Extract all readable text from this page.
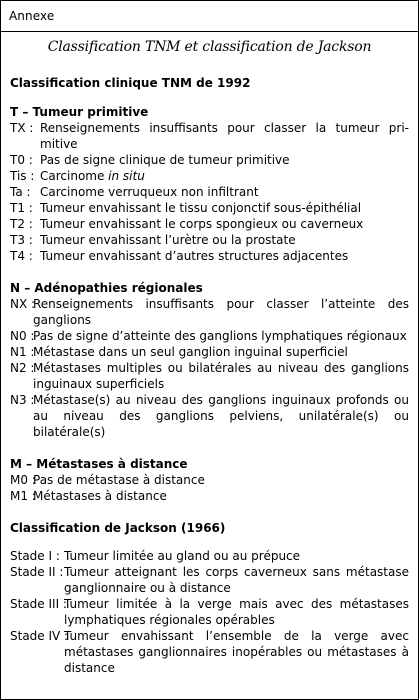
Annexe
Classification TNM et classification de Jackson
Classification clinique TNM de 1992
T – Tumeur primitive
TX : Renseignements insuffisants pour classer la tumeur primitive
T0 : Pas de signe clinique de tumeur primitive
Tis : Carcinome in situ
Ta : Carcinome verruqueux non infiltrant
T1 : Tumeur envahissant le tissu conjonctif sous-épithélial
T2 : Tumeur envahissant le corps spongieux ou caverneux
T3 : Tumeur envahissant l’urètre ou la prostate
T4 : Tumeur envahissant d’autres structures adjacentes
N – Adénopathies régionales
NX :
Renseignements insuffisants pour classer l’atteinte des ganglions
N0 :
Pas de signe d’atteinte des ganglions lymphatiques régionaux
N1 :
Métastase dans un seul ganglion inguinal superficiel
N2 :
Métastases multiples ou bilatérales au niveau des ganglions inguinaux superficiels
N3 :
Métastase(s) au niveau des ganglions inguinaux profonds ou au niveau des ganglions pelviens, unilatérale(s) ou bilatérale(s)
M – Métastases à distance
M0 :
Pas de métastase à distance
M1 :
Métastases à distance
Classification de Jackson (1966)
Stade I : Tumeur limitée au gland ou au prépuce
Stade II : Tumeur atteignant les corps caverneux sans métastase ganglionnaire ou à distance
Stade III :
Tumeur limitée à la verge mais avec des métastases lymphatiques régionales opérables
Stade IV :
Tumeur envahissant l’ensemble de la verge avec métastases ganglionnaires inopérables ou métastases à distance
